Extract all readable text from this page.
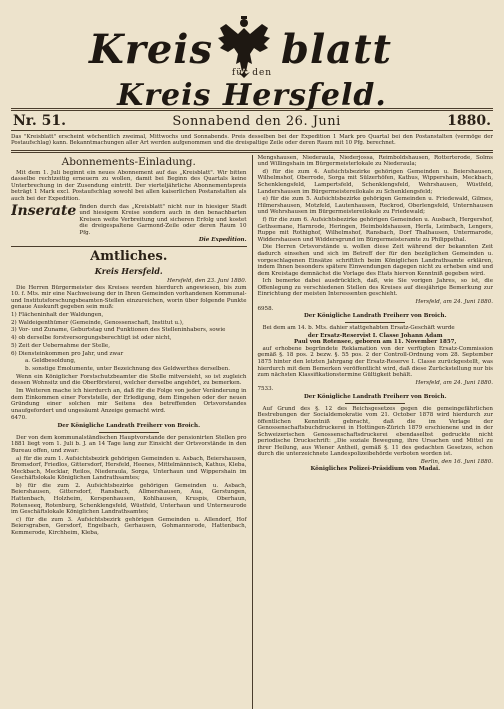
Kreis blatt
für den
Kreis Hersfeld.
Nr. 51.	Sonnabend den 26. Juni	1880.
Das "Kreisblatt" erscheint wöchentlich zweimal, Mittwochs und Sonnabends. Preis desselben bei der Expedition 1 Mark pro Quartal bei den Postanstalten (vermöge der Postaufschlag) kann. Bekanntmachungen aller Art werden aufgenommen und die dreispaltige Zeile oder deren Raum mit 10 Pfg. berechnet.
Abonnements-Einladung.

Mit dem 1. Juli beginnt ein neues Abonnement auf das „Kreisblatt". Wir bitten dasselbe rechtzeitig erneuern zu wollen, damit bei Beginn des Quartals keine Unterbrechung in der Zusendung eintritt. Der vierteljährliche Abonnementspreis beträgt 1 Mark excl. Postaufschlag sowohl bei allen kaiserlichen Postanstalten als auch bei der Expedition.

Inserate finden durch das „Kreisblatt" nicht nur in hiesiger Stadt und hiesigem Kreise sondern auch in den benachbarten Kreisen weite Verbreitung und sicheren Erfolg und kostet die dreigespaltene Garmond-Zeile oder deren Raum 10 Pfg.

Die Expedition.
Amtliches.
Kreis Hersfeld.
Hersfeld, den 23. Juni 1880.

Die Herren Bürgermeister des Kreises werden hierdurch angewiesen, bis zum 10. f. Mts. mir eine Nachweisung der in Ihren Gemeinden vorhandenen Kommunal- und Institutsforschungsbeamten-Stellen einzureichen, worin über folgende Punkte genaue Auskunft gegeben sein muß:

1) Flächeninhalt der Waldungen,

2) Waldeigenthümer (Gemeinde, Genossenschaft, Institut u.),

3) Vor- und Zuname, Geburtstag und Funktionen des Stelleninhabers, sowie

4) ob derselbe forstversorgungsberechtigt ist oder nicht,

5) Zeit der Uebernahme der Stelle,

6) Diensteinkommen pro Jahr, und zwar

a. Geldbesoldung,

b. sonstige Emolumente, unter Bezeichnung des Geldwerthes derselben.

Wenn ein Königlicher Forstschutzbeamter die Stelle mitversieht, so ist zugleich dessen Wohnsitz und die Oberförsterei, welcher derselbe angehört, zu bemerken.

Im Weiteren mache ich hierdurch an, daß für die Folge von jeder Veränderung in dem Einkommen einer Forststelle, der Erledigung, dem Eingehen oder der neuen Gründung einer solchen mir Seitens des betreffenden Ortsvorstandes unaufgefordert und ungesäumt Anzeige gemacht wird.

6470.

Der Königliche Landrath Freiherr von Broich.

Der von dem kommunalständischen Hauptvorstande der pensionirten Stellen pro 1881 liegt vom 1. Juli b. J. an 14 Tage lang zur Einsicht der Ortsvorstände in den Bureau offen, und zwar:

a) für die zum 1. Aufsichtsbezirk gehörigen Gemeinden u. Asbach, Beiershausen, Bromsdorf, Friedlos, Gittersdorf, Hersfeld, Heenes, Mittelmännisch, Kathus, Kleba, Meckbach, Mecklar, Reilos, Niederaula, Sorga, Unterhaun und Wippershain im Geschäftslokale Königlichen Landrathsamtes;

b) für die zum 2. Aufsichtsbezirke gehörigen Gemeinden u. Asbach, Beiershausen, Gittersdorf, Ransbach, Allmershausen, Aua, Gerstungen, Hattenbach, Holzheim, Kerspenhausen, Kohlhausen, Kruspis, Oberhaun, Rotenseeq, Rotenburg, Schenklengsfeld, Wüstfeld, Unterhaun und Unterneurode im Geschäftslokale Königlichen Landrathsamtes;

c) für die zum 3. Aufsichtsbezirk gehörigen Gemeinden u. Allendorf, Hof Beiersgraben, Gersdorf, Engelbach, Gerhausen, Gohmannsrode, Hattenbach, Kemmerode, Kirchheim, Kleba,

Mengshausen, Niederaula, Niederjossa, Reimboldshausen, Rotterterode, Solms und Willingshain im Bürgermeisterlokale zu Niederaula;

d) für die zum 4. Aufsichtsbezirke gehörigen Gemeinden u. Beiershausen, Wilhelmshof, Oberrode, Sorga mit Sülzerhöfen, Kathus, Wippershain, Meckbach, Schenklengsfeld, Lampertsfeld, Schenklengsfeld, Wehrshausen, Wüstfeld, Landershausen im Bürgermeistereilokale zu Schenklengsfeld;

e) für die zum 5. Aufsichtsbezirke gehörigen Gemeinden u. Friedewald, Gilmes, Hilmershausen, Motzfeld, Lautenhausen, Reckrod, Oberlengsfeld, Unternhausen und Wehrshausen im Bürgermeistereilokale zu Friedewald;

f) für die zum 6. Aufsichtsbezirke gehörigen Gemeinden u. Ausbach, Hergershof, Gethsemane, Harnrode, Heringen, Heimboldshausen, Herfa, Leimbach, Lengers, Ruppe mit Rothighof, Wilhelmshof, Ransbach, Dorf Thalhausen, Untermarode, Widdershausen und Widdersgrund im Bürgermeisteramte zu Philippsthal.

Die Herren Ortsvorstände u. wollen diese Zeit während der bekannten Zeit dadurch einsehen und sich im Betreff der für den bezüglichen Gemeinden u. vorgeschlagenen Einsätze schriftlich beim Königlichen Landrathsamte erklären, indem Ihnen besonders spätere Einwendungen dagegen nicht zu erheben sind und dem Kreistage demnächst die Vorlage des Etats hiervon Kenntniß gegeben wird.

Ich bemerke dabei ausdrücklich, daß, wie Sie vorigen Jahres, so ist, die Offenlegung zu verschiedenen Stellen des Kreises auf diesjährige Bemerkung zur Einrichtung der meisten Interessenten geschieht.

Hersfeld, am 24. Juni 1880.

6958.

Der Königliche Landrath Freiherr von Broich.

Bei dem am 14. b. Mts. dahier stattgehabten Ersatz-Geschäft wurde

der Ersatz-Reservist I. Classe Johann Adam
Paul von Rotensee, geboren am 11. November 1857,

auf erhobene begründete Reklamation von der verfügten Ersatz-Commission gemäß §. 18 pos. 2 bezw. §. 55 pos. 2 der Controll-Ordnung vom 28. September 1875 hinter den letzten Jahrgang der Ersatz-Reserve I. Classe zurückgestellt, was hierdurch mit dem Bemerken veröffentlicht wird, daß diese Zurückstellung nur bis zum nächsten Klassifikationstermine Gültigkeit behält.

Hersfeld, am 24. Juni 1880.

7533.

Der Königliche Landrath Freiherr von Broich.

Auf Grund des §. 12 des Reichsgesetzes gegen die gemeingefährlichen Bestrebungen der Socialdemokratie vom 21. October 1878 wird hierdurch zur öffentlichen Kenntniß gebracht, daß die im Verlage der Genossenschaftsbuchdruckerei in Hottingen-Zürich 1879 erschienene und in der Schweizerischen Genossenschaftsdruckerei ebendaselbst gedruckte nicht periodische Druckschrift: „Die soziale Bewegung, ihre Ursachen und Mittel zu ihrer Heilung, aus Wiener Antheil, gemäß §. 11 des gedachten Gesetzes, schon durch die unterzeichnete Landespolizeibehörde verboten worden ist.

Berlin, den 16. Juni 1880.
Königliches Polizei-Präsidium von Madai.
